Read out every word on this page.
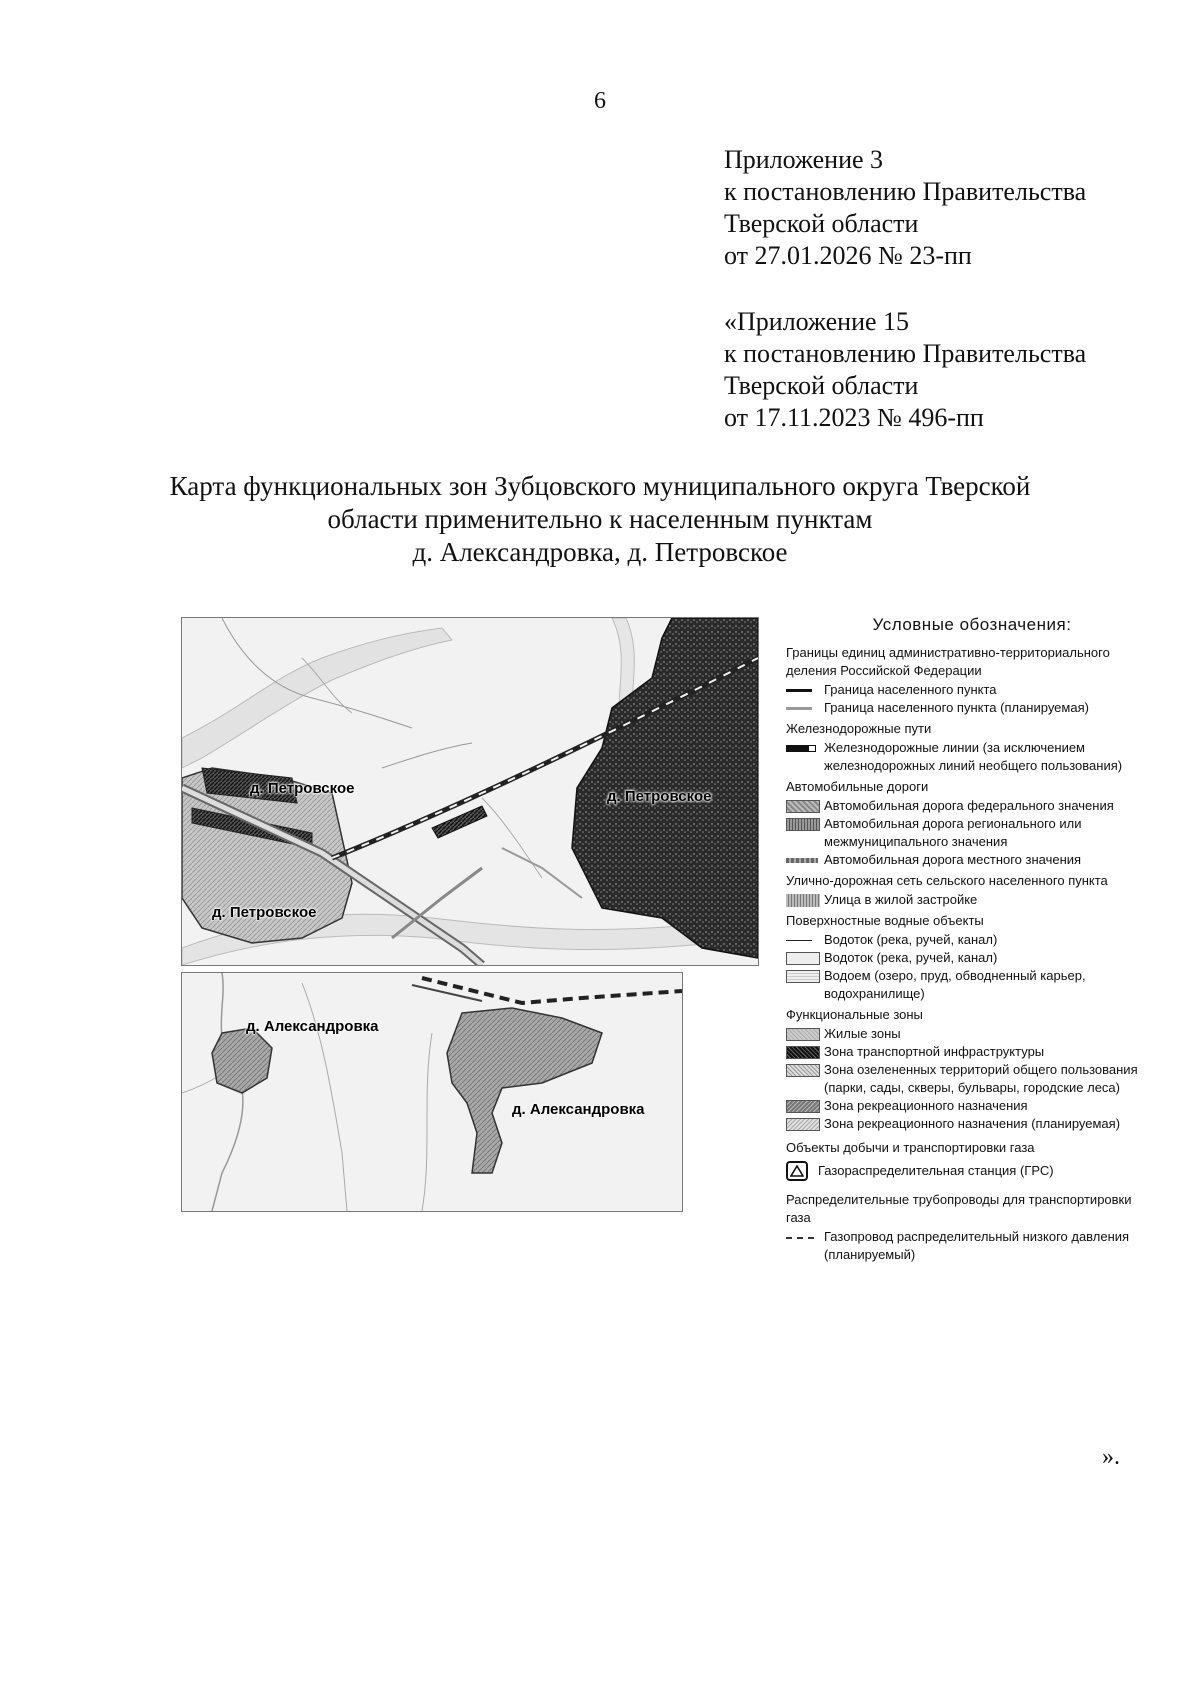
6
Приложение 3
к постановлению Правительства
Тверской области
от 27.01.2026 № 23-пп
«Приложение 15
к постановлению Правительства
Тверской области
от 17.11.2023 № 496-пп
Карта функциональных зон Зубцовского муниципального округа Тверской
области применительно к населенным пунктам
д. Александровка, д. Петровское
д. Петровское
д. Петровское
д. Петровское
д. Александровка
д. Александровка
Условные обозначения:
Границы единиц административно-территориального деления Российской Федерации
Граница населенного пункта
Граница населенного пункта (планируемая)
Железнодорожные пути
Железнодорожные линии (за исключением железнодорожных линий необщего пользования)
Автомобильные дороги
Автомобильная дорога федерального значения
Автомобильная дорога регионального или межмуниципального значения
Автомобильная дорога местного значения
Улично-дорожная сеть сельского населенного пункта
Улица в жилой застройке
Поверхностные водные объекты
Водоток (река, ручей, канал)
Водоток (река, ручей, канал)
Водоем (озеро, пруд, обводненный карьер, водохранилище)
Функциональные зоны
Жилые зоны
Зона транспортной инфраструктуры
Зона озелененных территорий общего пользования (парки, сады, скверы, бульвары, городские леса)
Зона рекреационного назначения
Зона рекреационного назначения (планируемая)
Объекты добычи и транспортировки газа
Газораспределительная станция (ГРС)
Распределительные трубопроводы для транспортировки газа
Газопровод распределительный низкого давления (планируемый)
».
